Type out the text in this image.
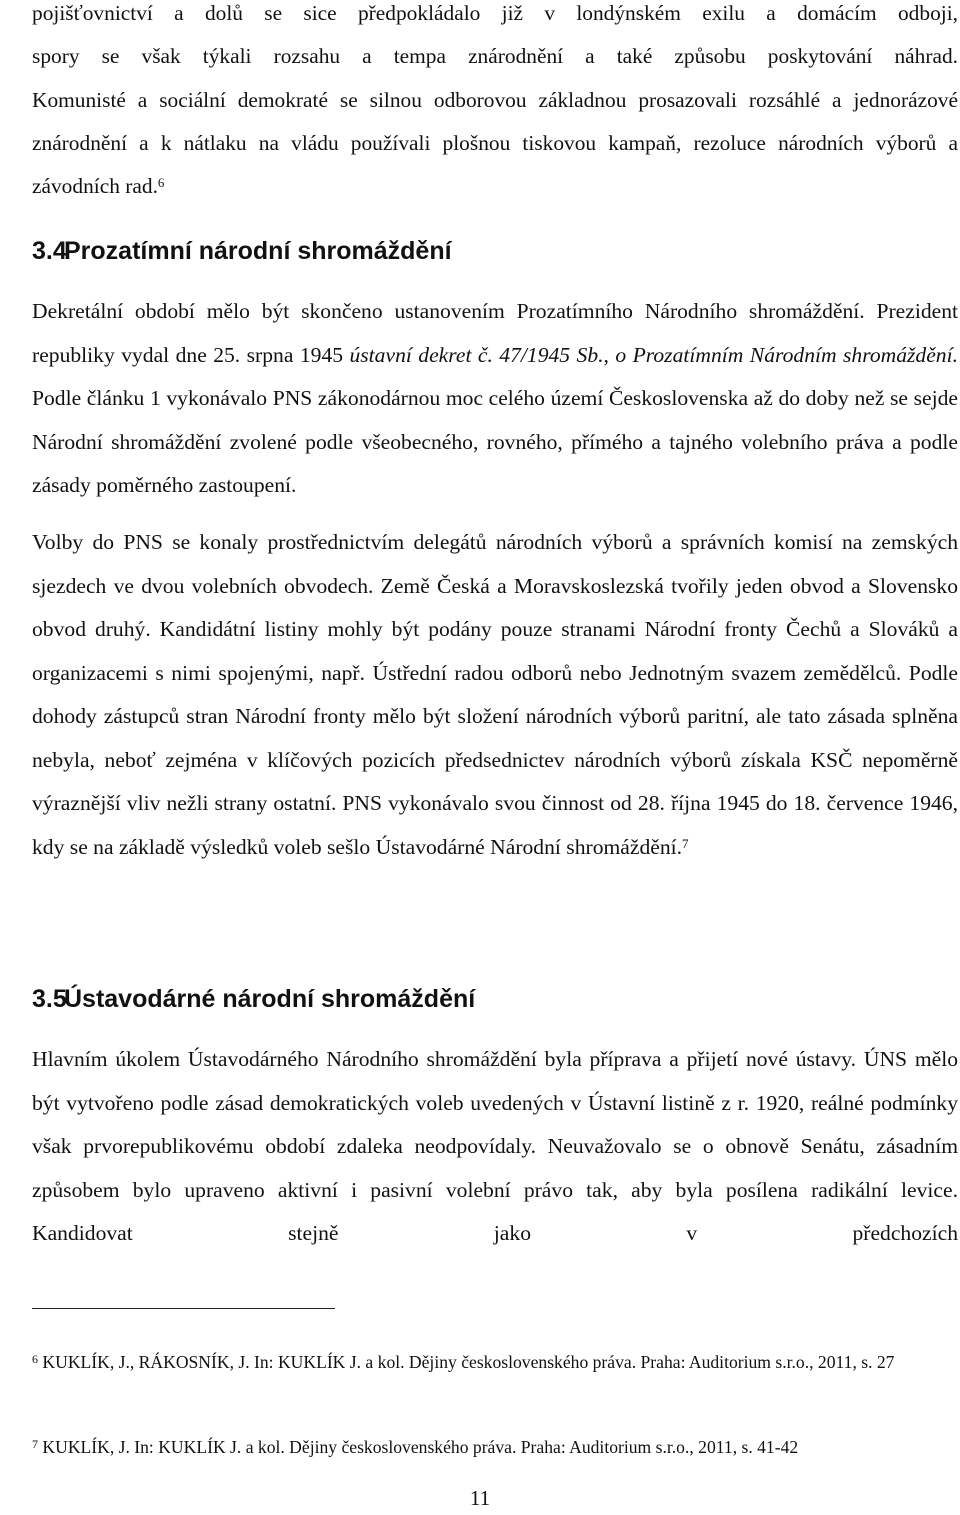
pojišťovnictví a dolů se sice předpokládalo již v londýnském exilu a domácím odboji,
spory se však týkali rozsahu a tempa znárodnění a také způsobu poskytování náhrad.
Komunisté a sociální demokraté se silnou odborovou základnou prosazovali rozsáhlé a jednorázové znárodnění a k nátlaku na vládu používali plošnou tiskovou kampaň, rezoluce národních výborů a závodních rad.$^6$
3.4Prozatímní národní shromáždění
Dekretální období mělo být skončeno ustanovením Prozatímního Národního shromáždění. Prezident republiky vydal dne 25. srpna 1945 ústavní dekret č. 47/1945 Sb., o Prozatímním Národním shromáždění. Podle článku 1 vykonávalo PNS zákonodárnou moc celého území Československa až do doby než se sejde Národní shromáždění zvolené podle všeobecného, rovného, přímého a tajného volebního práva a podle zásady poměrného zastoupení.
Volby do PNS se konaly prostřednictvím delegátů národních výborů a správních komisí na zemských sjezdech ve dvou volebních obvodech. Země Česká a Moravskoslezská tvořily jeden obvod a Slovensko obvod druhý. Kandidátní listiny mohly být podány pouze stranami Národní fronty Čechů a Slováků a organizacemi s nimi spojenými, např. Ústřední radou odborů nebo Jednotným svazem zemědělců. Podle dohody zástupců stran Národní fronty mělo být složení národních výborů paritní, ale tato zásada splněna nebyla, neboť zejména v klíčových pozicích předsednictev národních výborů získala KSČ nepoměrně výraznější vliv nežli strany ostatní. PNS vykonávalo svou činnost od 28. října 1945 do 18. července 1946, kdy se na základě výsledků voleb sešlo Ústavodárné Národní shromáždění.$^7$
3.5Ústavodárné národní shromáždění
Hlavním úkolem Ústavodárného Národního shromáždění byla příprava a přijetí nové ústavy. ÚNS mělo být vytvořeno podle zásad demokratických voleb uvedených v Ústavní listině z r. 1920, reálné podmínky však prvorepublikovému období zdaleka neodpovídaly. Neuvažovalo se o obnově Senátu, zásadním způsobem bylo upraveno aktivní i pasivní volební právo tak, aby byla posílena radikální levice. Kandidovat stejně jako v předchozích
$^6$ KUKLÍK, J., RÁKOSNÍK, J. In: KUKLÍK J. a kol. Dějiny československého práva. Praha: Auditorium s.r.o., 2011, s. 27
$^7$ KUKLÍK, J. In: KUKLÍK J. a kol. Dějiny československého práva. Praha: Auditorium s.r.o., 2011, s. 41-42
11
